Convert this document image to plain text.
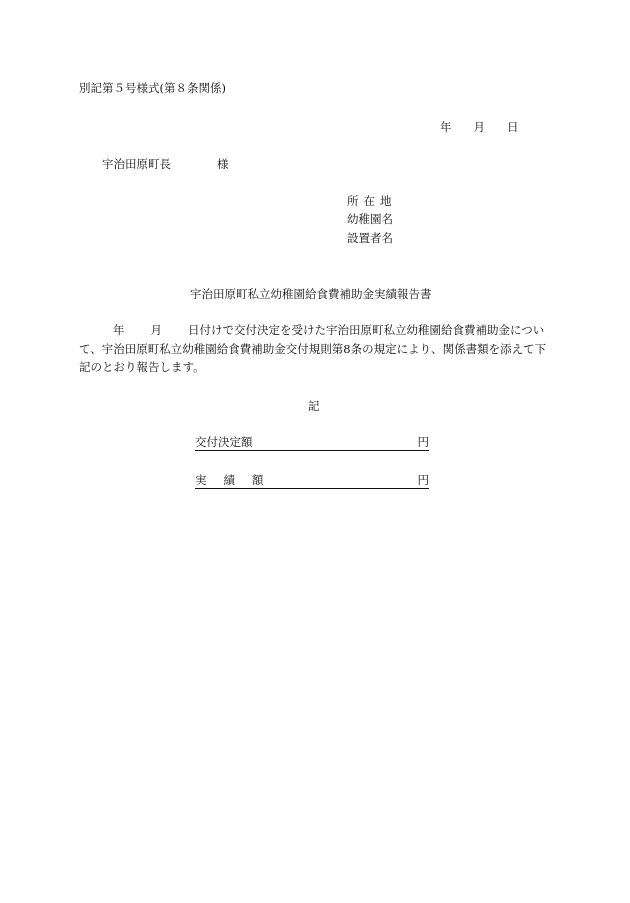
別記第５号様式(第８条関係)
年 月 日
宇治田原町長	様
所 在 地
幼稚園名
設置者名
宇治田原町私立幼稚園給食費補助金実績報告書
年 月 日付けで交付決定を受けた宇治田原町私立幼稚園給食費補助金につい
て、宇治田原町私立幼稚園給食費補助金交付規則第8条の規定により、関係書類を添えて下
記のとおり報告します。
記
交付決定額	円
実 績 額	円
